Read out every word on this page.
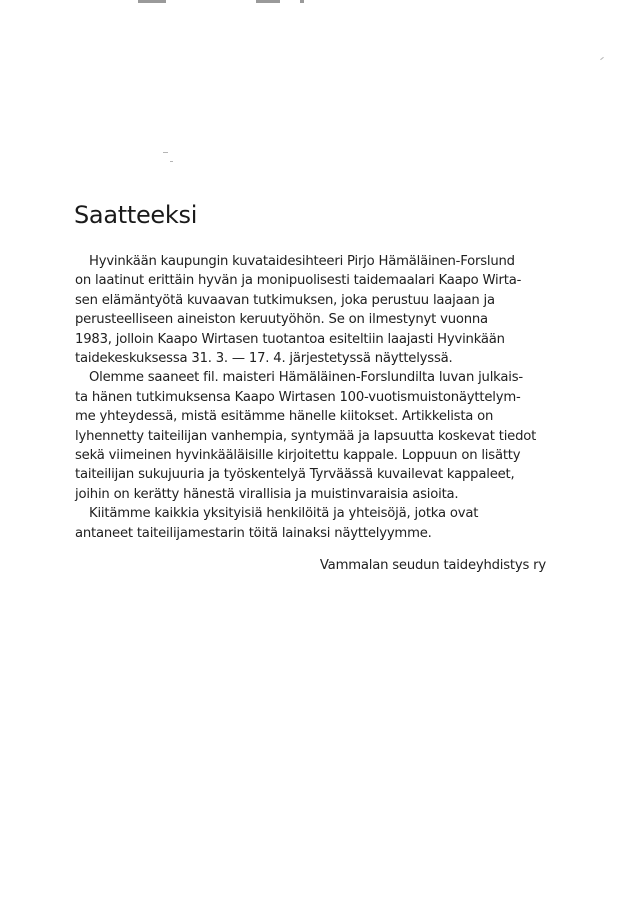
Saatteeksi

Hyvinkään kaupungin kuvataidesihteeri Pirjo Hämäläinen-Forslund
on laatinut erittäin hyvän ja monipuolisesti taidemaalari Kaapo Wirta-
sen elämäntyötä kuvaavan tutkimuksen, joka perustuu laajaan ja
perusteelliseen aineiston keruutyöhön. Se on ilmestynyt vuonna
1983, jolloin Kaapo Wirtasen tuotantoa esiteltiin laajasti Hyvinkään
taidekeskuksessa 31. 3. — 17. 4. järjestetyssä näyttelyssä.

Olemme saaneet fil. maisteri Hämäläinen-Forslundilta luvan julkais-
ta hänen tutkimuksensa Kaapo Wirtasen 100-vuotismuistonäyttelym-
me yhteydessä, mistä esitämme hänelle kiitokset. Artikkelista on
lyhennetty taiteilijan vanhempia, syntymää ja lapsuutta koskevat tiedot
sekä viimeinen hyvinkääläisille kirjoitettu kappale. Loppuun on lisätty
taiteilijan sukujuuria ja työskentelyä Tyrväässä kuvailevat kappaleet,
joihin on kerätty hänestä virallisia ja muistinvaraisia asioita.

Kiitämme kaikkia yksityisiä henkilöitä ja yhteisöjä, jotka ovat
antaneet taiteilijamestarin töitä lainaksi näyttelyymme.

Vammalan seudun taideyhdistys ry
